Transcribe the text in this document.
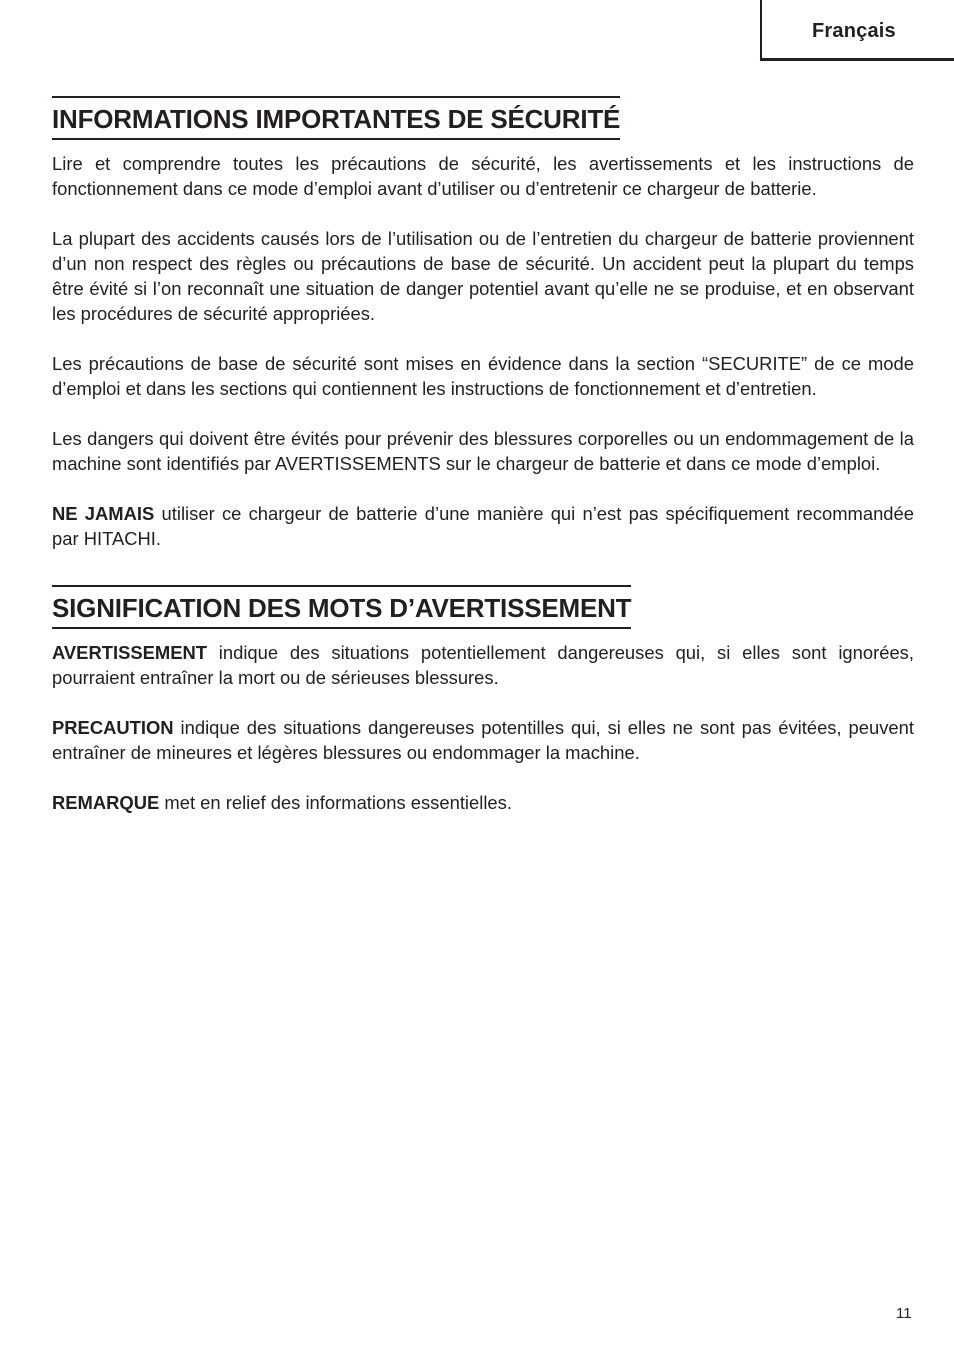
Français
INFORMATIONS IMPORTANTES DE SÉCURITÉ

Lire et comprendre toutes les précautions de sécurité, les avertissements et les instructions de fonctionnement dans ce mode d’emploi avant d’utiliser ou d’entretenir ce chargeur de batterie.

La plupart des accidents causés lors de l’utilisation ou de l’entretien du chargeur de batterie proviennent d’un non respect des règles ou précautions de base de sécurité. Un accident peut la plupart du temps être évité si l’on reconnaît une situation de danger potentiel avant qu’elle ne se produise, et en observant les procédures de sécurité appropriées.

Les précautions de base de sécurité sont mises en évidence dans la section “SECURITE” de ce mode d’emploi et dans les sections qui contiennent les instructions de fonctionnement et d’entretien.

Les dangers qui doivent être évités pour prévenir des blessures corporelles ou un endommagement de la machine sont identifiés par AVERTISSEMENTS sur le chargeur de batterie et dans ce mode d’emploi.

NE JAMAIS utiliser ce chargeur de batterie d’une manière qui n’est pas spécifiquement recommandée par HITACHI.

SIGNIFICATION DES MOTS D’AVERTISSEMENT

AVERTISSEMENT indique des situations potentiellement dangereuses qui, si elles sont ignorées, pourraient entraîner la mort ou de sérieuses blessures.

PRECAUTION indique des situations dangereuses potentilles qui, si elles ne sont pas évitées, peuvent entraîner de mineures et légères blessures ou endommager la machine.

REMARQUE met en relief des informations essentielles.

11
